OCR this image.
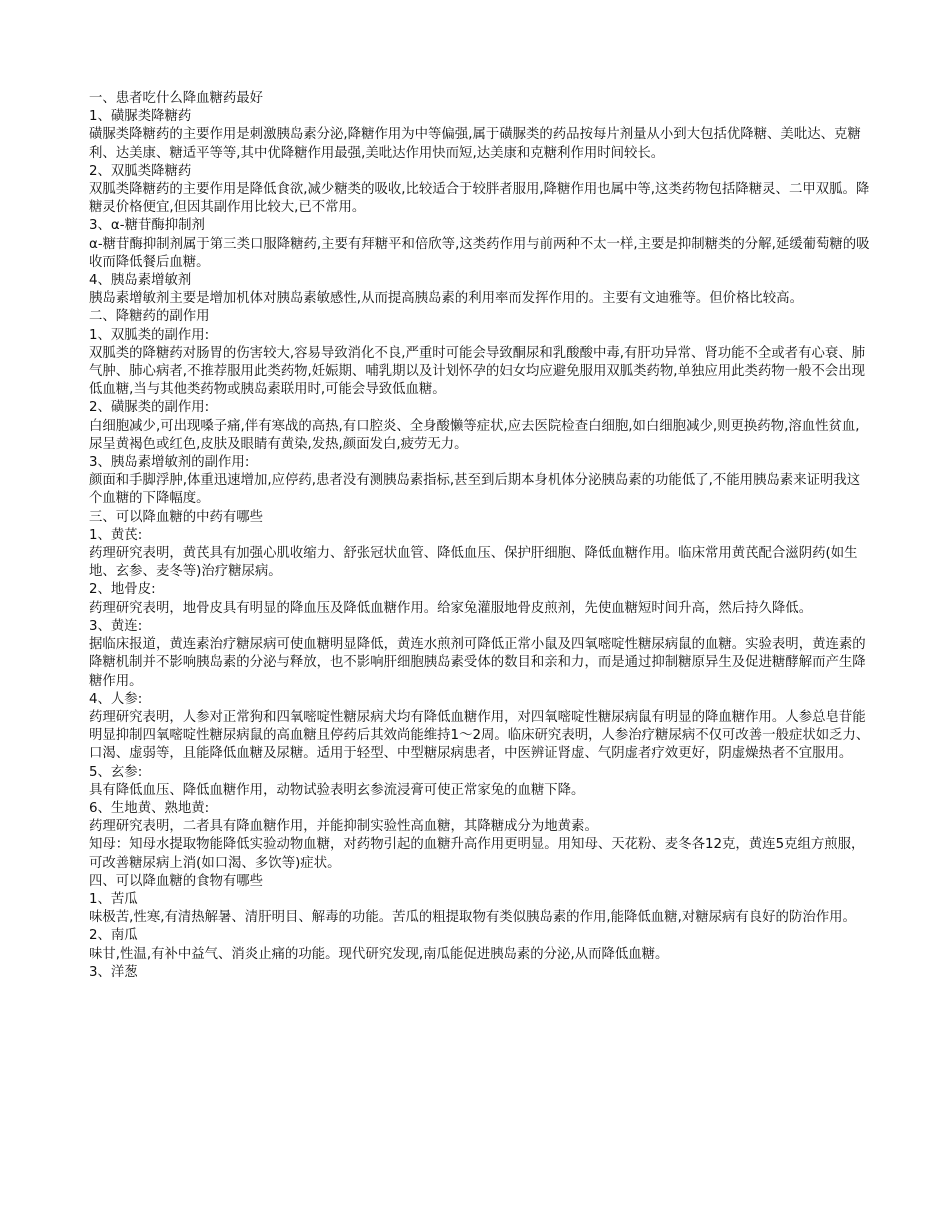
一、患者吃什么降血糖药最好

1、磺脲类降糖药

磺脲类降糖药的主要作用是刺激胰岛素分泌,降糖作用为中等偏强,属于磺脲类的药品按每片剂量从小到大包括优降糖、美吡达、克糖利、达美康、糖适平等等,其中优降糖作用最强,美吡达作用快而短,达美康和克糖利作用时间较长。

2、双胍类降糖药

双胍类降糖药的主要作用是降低食欲,减少糖类的吸收,比较适合于较胖者服用,降糖作用也属中等,这类药物包括降糖灵、二甲双胍。降糖灵价格便宜,但因其副作用比较大,已不常用。

3、α-糖苷酶抑制剂

α-糖苷酶抑制剂属于第三类口服降糖药,主要有拜糖平和倍欣等,这类药作用与前两种不太一样,主要是抑制糖类的分解,延缓葡萄糖的吸收而降低餐后血糖。

4、胰岛素增敏剂

胰岛素增敏剂主要是增加机体对胰岛素敏感性,从而提高胰岛素的利用率而发挥作用的。主要有文迪雅等。但价格比较高。

二、降糖药的副作用

1、双胍类的副作用:

双胍类的降糖药对肠胃的伤害较大,容易导致消化不良,严重时可能会导致酮尿和乳酸酸中毒,有肝功异常、肾功能不全或者有心衰、肺气肿、肺心病者,不推荐服用此类药物,妊娠期、哺乳期以及计划怀孕的妇女均应避免服用双胍类药物,单独应用此类药物一般不会出现低血糖,当与其他类药物或胰岛素联用时,可能会导致低血糖。

2、磺脲类的副作用:

白细胞减少,可出现嗓子痛,伴有寒战的高热,有口腔炎、全身酸懒等症状,应去医院检查白细胞,如白细胞减少,则更换药物,溶血性贫血,尿呈黄褐色或红色,皮肤及眼睛有黄染,发热,颜面发白,疲劳无力。

3、胰岛素增敏剂的副作用:

颜面和手脚浮肿,体重迅速增加,应停药,患者没有测胰岛素指标,甚至到后期本身机体分泌胰岛素的功能低了,不能用胰岛素来证明我这个血糖的下降幅度。

三、可以降血糖的中药有哪些

1、黄芪:

药理研究表明，黄芪具有加强心肌收缩力、舒张冠状血管、降低血压、保护肝细胞、降低血糖作用。临床常用黄芪配合滋阴药(如生地、玄参、麦冬等)治疗糖尿病。

2、地骨皮:

药理研究表明，地骨皮具有明显的降血压及降低血糖作用。给家兔灌服地骨皮煎剂，先使血糖短时间升高，然后持久降低。

3、黄连:

据临床报道，黄连素治疗糖尿病可使血糖明显降低，黄连水煎剂可降低正常小鼠及四氧嘧啶性糖尿病鼠的血糖。实验表明，黄连素的降糖机制并不影响胰岛素的分泌与释放，也不影响肝细胞胰岛素受体的数目和亲和力，而是通过抑制糖原异生及促进糖酵解而产生降糖作用。

4、人参:

药理研究表明，人参对正常狗和四氧嘧啶性糖尿病犬均有降低血糖作用，对四氧嘧啶性糖尿病鼠有明显的降血糖作用。人参总皂苷能明显抑制四氧嘧啶性糖尿病鼠的高血糖且停药后其效尚能维持1～2周。临床研究表明，人参治疗糖尿病不仅可改善一般症状如乏力、口渴、虚弱等，且能降低血糖及尿糖。适用于轻型、中型糖尿病患者，中医辨证肾虚、气阴虚者疗效更好，阴虚燥热者不宜服用。

5、玄参:

具有降低血压、降低血糖作用，动物试验表明玄参流浸膏可使正常家兔的血糖下降。

6、生地黄、熟地黄:

药理研究表明，二者具有降血糖作用，并能抑制实验性高血糖，其降糖成分为地黄素。

知母：知母水提取物能降低实验动物血糖，对药物引起的血糖升高作用更明显。用知母、天花粉、麦冬各12克，黄连5克组方煎服，可改善糖尿病上消(如口渴、多饮等)症状。

四、可以降血糖的食物有哪些

1、苦瓜

味极苦,性寒,有清热解暑、清肝明目、解毒的功能。苦瓜的粗提取物有类似胰岛素的作用,能降低血糖,对糖尿病有良好的防治作用。

2、南瓜

味甘,性温,有补中益气、消炎止痛的功能。现代研究发现,南瓜能促进胰岛素的分泌,从而降低血糖。

3、洋葱
